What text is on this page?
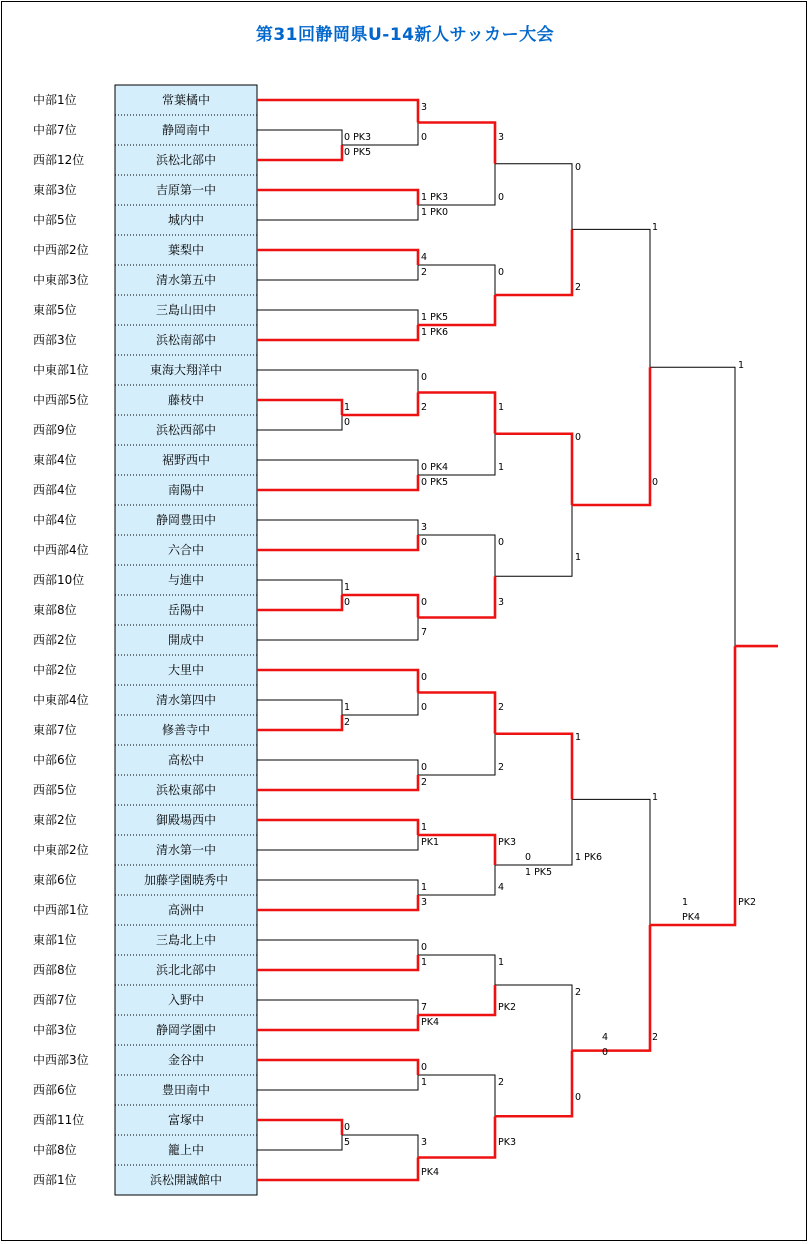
第31回静岡県U-14新人サッカー大会
中部1位	常葉橘中
中部7位	静岡南中
西部12位	浜松北部中
東部3位	吉原第一中
中部5位	城内中
中西部2位	葉梨中
中東部3位	清水第五中
東部5位	三島山田中
西部3位	浜松南部中
中東部1位	東海大翔洋中
中西部5位	藤枝中
西部9位	浜松西部中
東部4位	裾野西中
西部4位	南陽中
中部4位	静岡豊田中
中西部4位	六合中
西部10位	与進中
東部8位	岳陽中
西部2位	開成中
中部2位	大里中
中東部4位	清水第四中
東部7位	修善寺中
中部6位	高松中
西部5位	浜松東部中
東部2位	御殿場西中
中東部2位	清水第一中
東部6位	加藤学園暁秀中
中西部1位	高洲中
東部1位	三島北上中
西部8位	浜北北部中
西部7位	入野中
中部3位	静岡学園中
中西部3位	金谷中
西部6位	豊田南中
西部11位	富塚中
中部8位	籠上中
西部1位	浜松開誠館中
3
0
0 PK3
0 PK5
3
0
1 PK3
1 PK0
0
4
2	0
2
1 PK5
1 PK6
1
0
1
0
2	1
0
0 PK4
0 PK5
1
0
3
0	0
1
1
0	0	3
7
0
0
1
2
2
1
0
2
2
1
1
PK1	PK3
0
1 PK5
1 PK6
1
3
4
0
1	1
2
7
PK4
PK2
4
0
0
1	2
0
0
5	3	PK3
PK4
1
PK4
PK2
1
2
